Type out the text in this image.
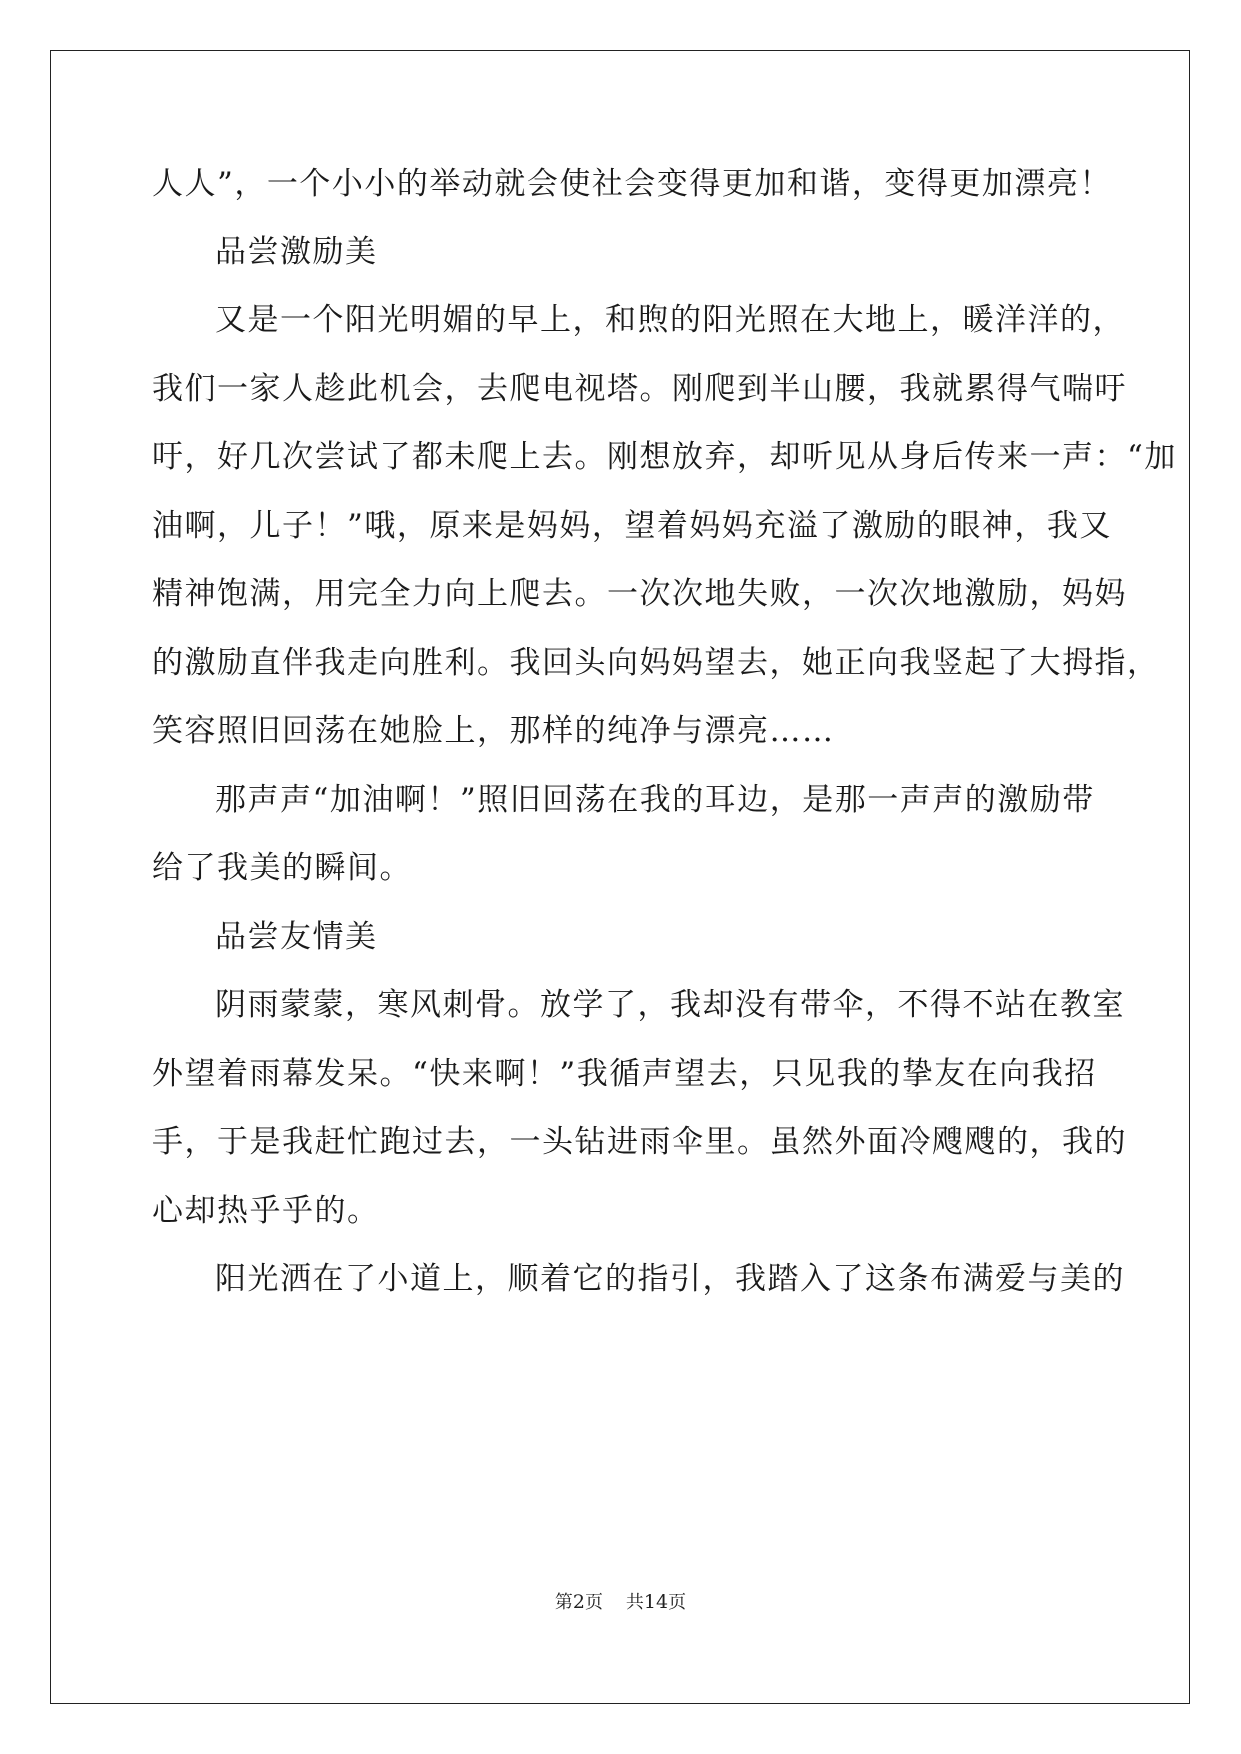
人人”，一个小小的举动就会使社会变得更加和谐，变得更加漂亮！
品尝激励美
又是一个阳光明媚的早上，和煦的阳光照在大地上，暖洋洋的，
我们一家人趁此机会，去爬电视塔。刚爬到半山腰，我就累得气喘吁
吁，好几次尝试了都未爬上去。刚想放弃，却听见从身后传来一声：“加
油啊，儿子！”哦，原来是妈妈，望着妈妈充溢了激励的眼神，我又
精神饱满，用完全力向上爬去。一次次地失败，一次次地激励，妈妈
的激励直伴我走向胜利。我回头向妈妈望去，她正向我竖起了大拇指，
笑容照旧回荡在她脸上，那样的纯净与漂亮……
那声声“加油啊！”照旧回荡在我的耳边，是那一声声的激励带
给了我美的瞬间。
品尝友情美
阴雨蒙蒙，寒风刺骨。放学了，我却没有带伞，不得不站在教室
外望着雨幕发呆。“快来啊！”我循声望去，只见我的挚友在向我招
手，于是我赶忙跑过去，一头钻进雨伞里。虽然外面冷飕飕的，我的
心却热乎乎的。
阳光洒在了小道上，顺着它的指引，我踏入了这条布满爱与美的
第2页 共14页
